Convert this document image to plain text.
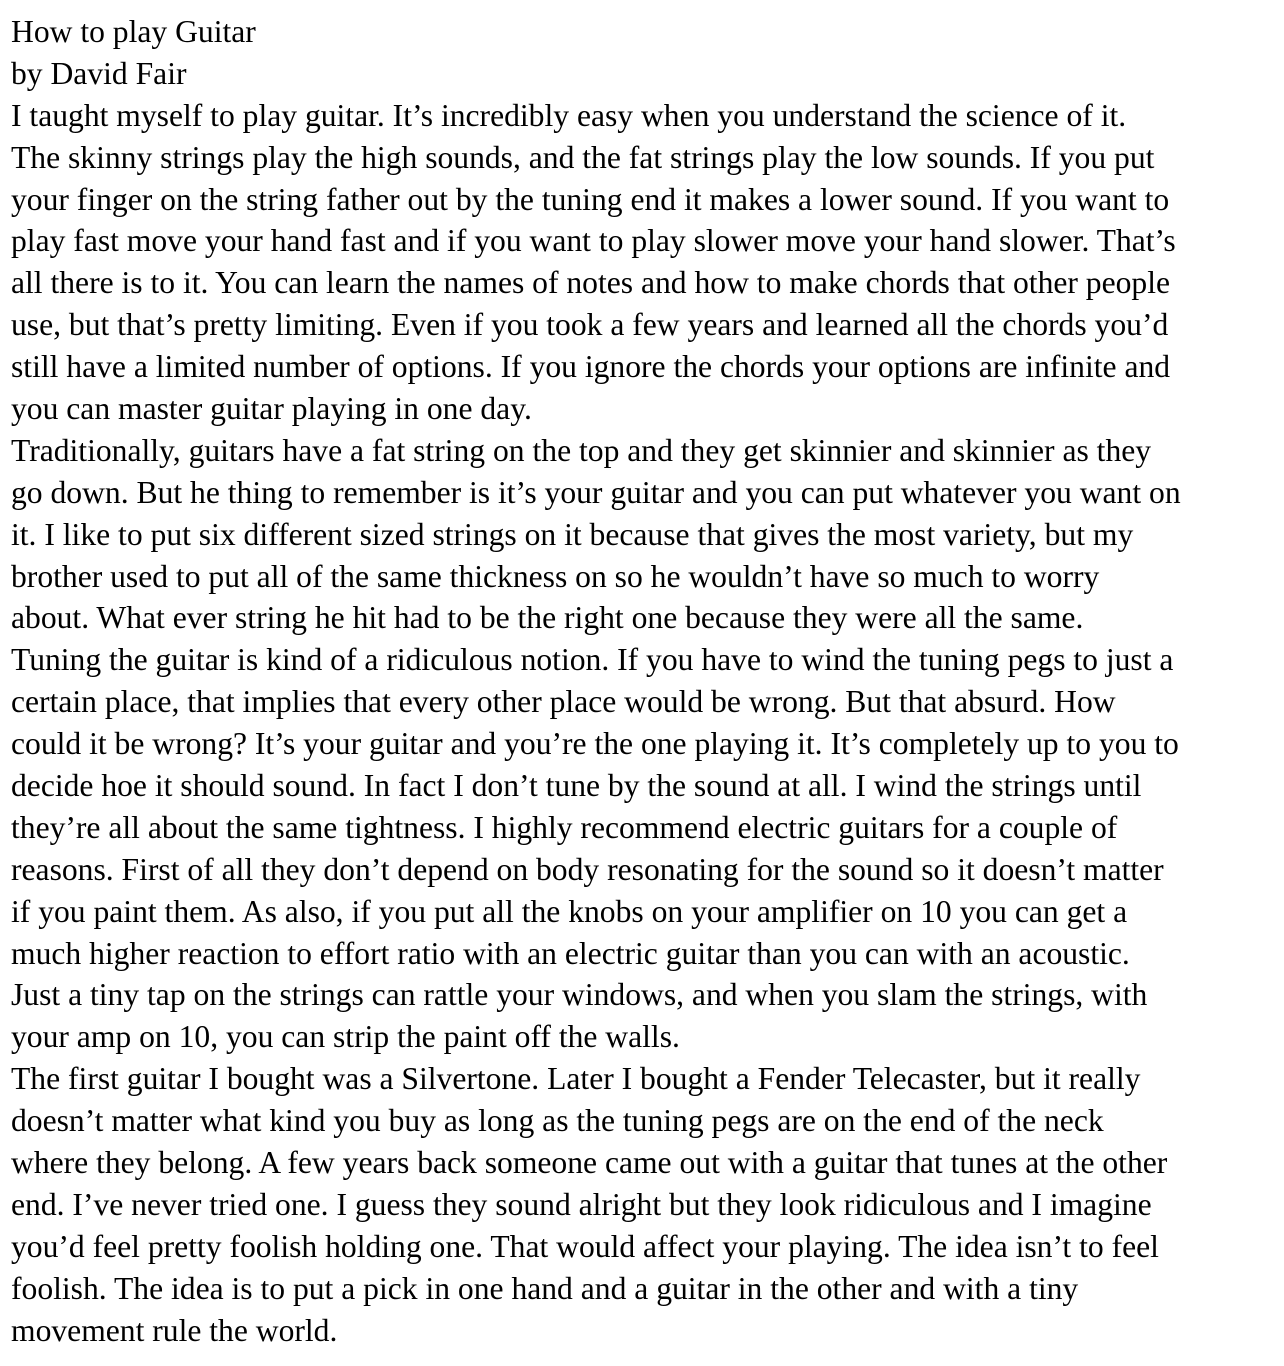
How to play Guitar
by David Fair

I taught myself to play guitar. It’s incredibly easy when you understand the science of it.
The skinny strings play the high sounds, and the fat strings play the low sounds. If you put
your finger on the string father out by the tuning end it makes a lower sound. If you want to
play fast move your hand fast and if you want to play slower move your hand slower. That’s
all there is to it. You can learn the names of notes and how to make chords that other people
use, but that’s pretty limiting. Even if you took a few years and learned all the chords you’d
still have a limited number of options. If you ignore the chords your options are infinite and
you can master guitar playing in one day.

Traditionally, guitars have a fat string on the top and they get skinnier and skinnier as they
go down. But he thing to remember is it’s your guitar and you can put whatever you want on
it. I like to put six different sized strings on it because that gives the most variety, but my
brother used to put all of the same thickness on so he wouldn’t have so much to worry
about. What ever string he hit had to be the right one because they were all the same.

Tuning the guitar is kind of a ridiculous notion. If you have to wind the tuning pegs to just a
certain place, that implies that every other place would be wrong. But that absurd. How
could it be wrong? It’s your guitar and you’re the one playing it. It’s completely up to you to
decide hoe it should sound. In fact I don’t tune by the sound at all. I wind the strings until
they’re all about the same tightness. I highly recommend electric guitars for a couple of
reasons. First of all they don’t depend on body resonating for the sound so it doesn’t matter
if you paint them. As also, if you put all the knobs on your amplifier on 10 you can get a
much higher reaction to effort ratio with an electric guitar than you can with an acoustic.
Just a tiny tap on the strings can rattle your windows, and when you slam the strings, with
your amp on 10, you can strip the paint off the walls.

The first guitar I bought was a Silvertone. Later I bought a Fender Telecaster, but it really
doesn’t matter what kind you buy as long as the tuning pegs are on the end of the neck
where they belong. A few years back someone came out with a guitar that tunes at the other
end. I’ve never tried one. I guess they sound alright but they look ridiculous and I imagine
you’d feel pretty foolish holding one. That would affect your playing. The idea isn’t to feel
foolish. The idea is to put a pick in one hand and a guitar in the other and with a tiny
movement rule the world.
